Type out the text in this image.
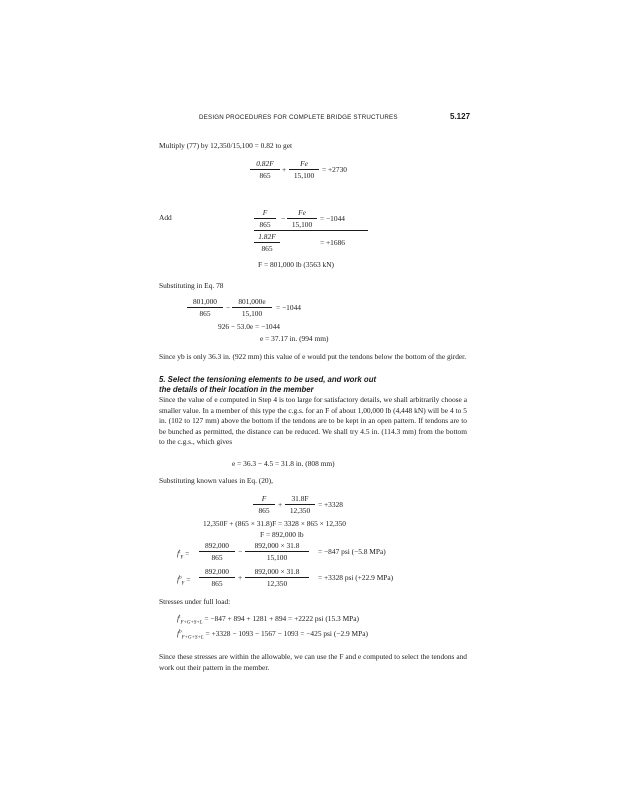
DESIGN PROCEDURES FOR COMPLETE BRIDGE STRUCTURES	5.127
Multiply (77) by 12,350/15,100 = 0.82 to get
$\frac{0.82F}{865} + \frac{Fe}{15,100} = +2730$
Add	$\frac{F}{865} - \frac{Fe}{15,100} = -1044$
$\frac{1.82F}{865}$	= +1686
F = 801,000 lb (3563 kN)
Substituting in Eq. 78
$\frac{801,000}{865} - \frac{801,000e}{15,100} = -1044$
926 − 53.0e = −1044
e = 37.17 in. (994 mm)
Since yb is only 36.3 in. (922 mm) this value of e would put the tendons below the bottom of the girder.
5. Select the tensioning elements to be used, and work out
the details of their location in the member
Since the value of e computed in Step 4 is too large for satisfactory details, we shall arbitrarily choose a smaller value. In a member of this type the c.g.s. for an F of about 1,00,000 lb (4,448 kN) will be 4 to 5 in. (102 to 127 mm) above the bottom if the tendons are to be kept in an open pattern. If tendons are to be bunched as permitted, the distance can be reduced. We shall try 4.5 in. (114.3 mm) from the bottom to the c.g.s., which gives
e = 36.3 − 4.5 = 31.8 in. (808 mm)
Substituting known values in Eq. (20),
$\frac{F}{865} + \frac{31.8F}{12,350} = +3328$
12,350F + (865 × 31.8)F = 3328 × 865 × 12,350
F = 892,000 lb
$f^t_F = \frac{892,000}{865} - \frac{892,000 \times 31.8}{15,100} = -847$ psi (−5.8 MPa)
$f^b_F = \frac{892,000}{865} + \frac{892,000 \times 31.8}{12,350} = +3328$ psi (+22.9 MPa)
Stresses under full load:
$f^t_{F+G+S+L} = -847 + 894 + 1281 + 894 = +2222$ psi (15.3 MPa)
$f^b_{F+G+S+L} = +3328 - 1093 - 1567 - 1093 = -425$ psi (−2.9 MPa)
Since these stresses are within the allowable, we can use the F and e computed to select the tendons and work out their pattern in the member.
